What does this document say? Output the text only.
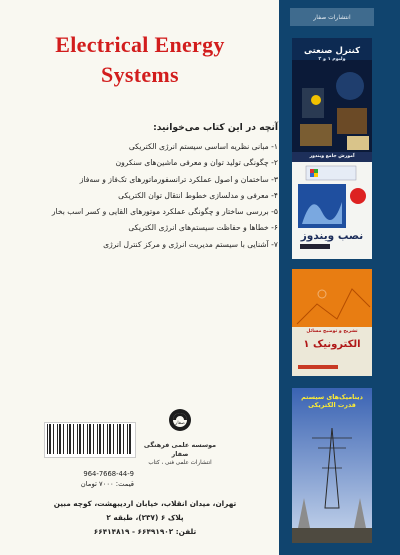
Electrical Energy
Systems
آنچه در این کتاب می‌خوانید:
۱- مبانی نظریه اساسی سیستم انرژی الکتریکی
۲- چگونگی تولید توان و معرفی ماشین‌های سنکرون
۳- ساختمان و اصول عملکرد ترانسفورماتورهای تک‌فاز و سه‌فاز
۴- معرفی و مدلسازی خطوط انتقال توان الکتریکی
۵- بررسی ساختار و چگونگی عملکرد موتورهای القایی و کسر اسب بخار
۶- خطاها و حفاظت سیستم‌های انرژی الکتریکی
۷- آشنایی با سیستم مدیریت انرژی و مرکز کنترل انرژی
964-7668-44-9
قیمت: ۷۰۰۰ تومان
صفار
موسسه علمی فرهنگی صفار
انتشارات علمی فنی ، کتاب
تهران، میدان انقلاب، خیابان اردیبهشت، کوچه مبین
پلاک ۶ (۲۳۷)، طبقه ۲
تلفن: ۶۶۴۹۱۹۰۲ - ۶۶۴۱۴۸۱۹
انتشارات صفار
کنترل صنعتی
ولیوم ۱ و ۲
آموزش جامع ویندوز
نصب ویندوز
تشریح و توضیح مسائل
الکترونیک ۱
دینامیک‌های سیستم قدرت الکتریکی
